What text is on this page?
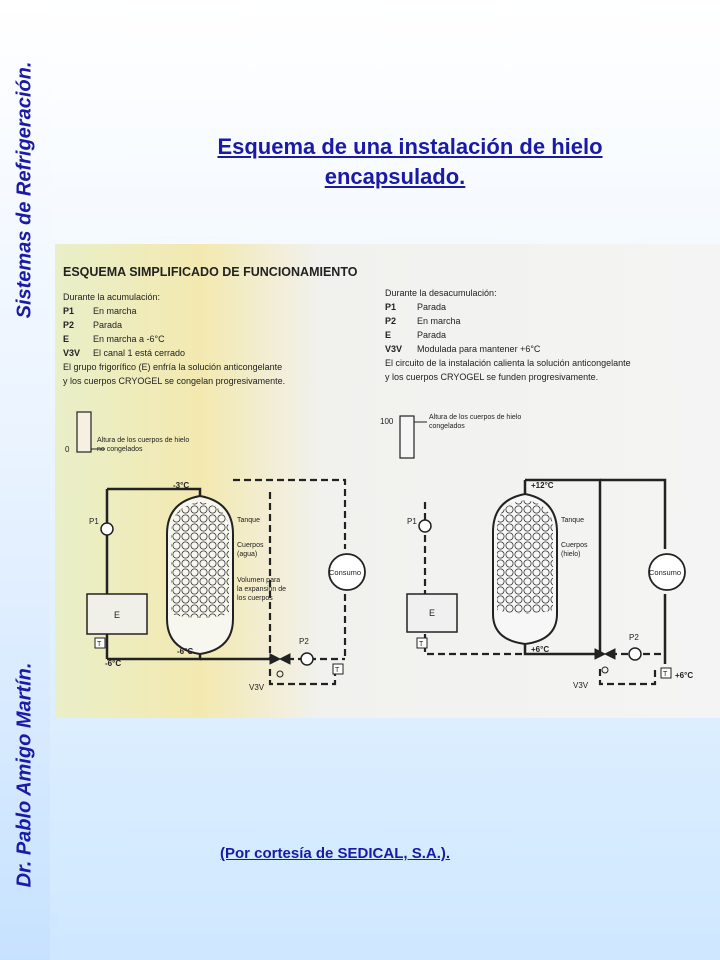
Sistemas de Refrigeración.
Dr. Pablo Amigo Martín.
Esquema de una instalación de hielo
encapsulado.
ESQUEMA SIMPLIFICADO DE FUNCIONAMIENTO
Durante la acumulación:
P1 En marcha
P2 Parada
E	En marcha a -6°C
V3V El canal 1 está cerrado
El grupo frigorífico (E) enfría la solución anticongelante
y los cuerpos CRYOGEL se congelan progresivamente.
Durante la desacumulación:
P1 Parada
P2 En marcha
E	Parada
V3V Modulada para mantener +6°C
El circuito de la instalación calienta la solución anticongelante
y los cuerpos CRYOGEL se funden progresivamente.
0
Altura de los cuerpos de hielo
no congelados
-3°C
-6°C
-6°C
Tanque
Cuerpos
(agua)
Volumen para
la expansión de
los cuerpos
Consumo
P1
P2
E
V3V
T
T
100	Altura de los cuerpos de hielo
congelados
+12°C
+6°C
+6°C
Tanque
Cuerpos
(hielo)
Consumo
P1
P2
E
V3V
T
T
(Por cortesía de SEDICAL, S.A.).
